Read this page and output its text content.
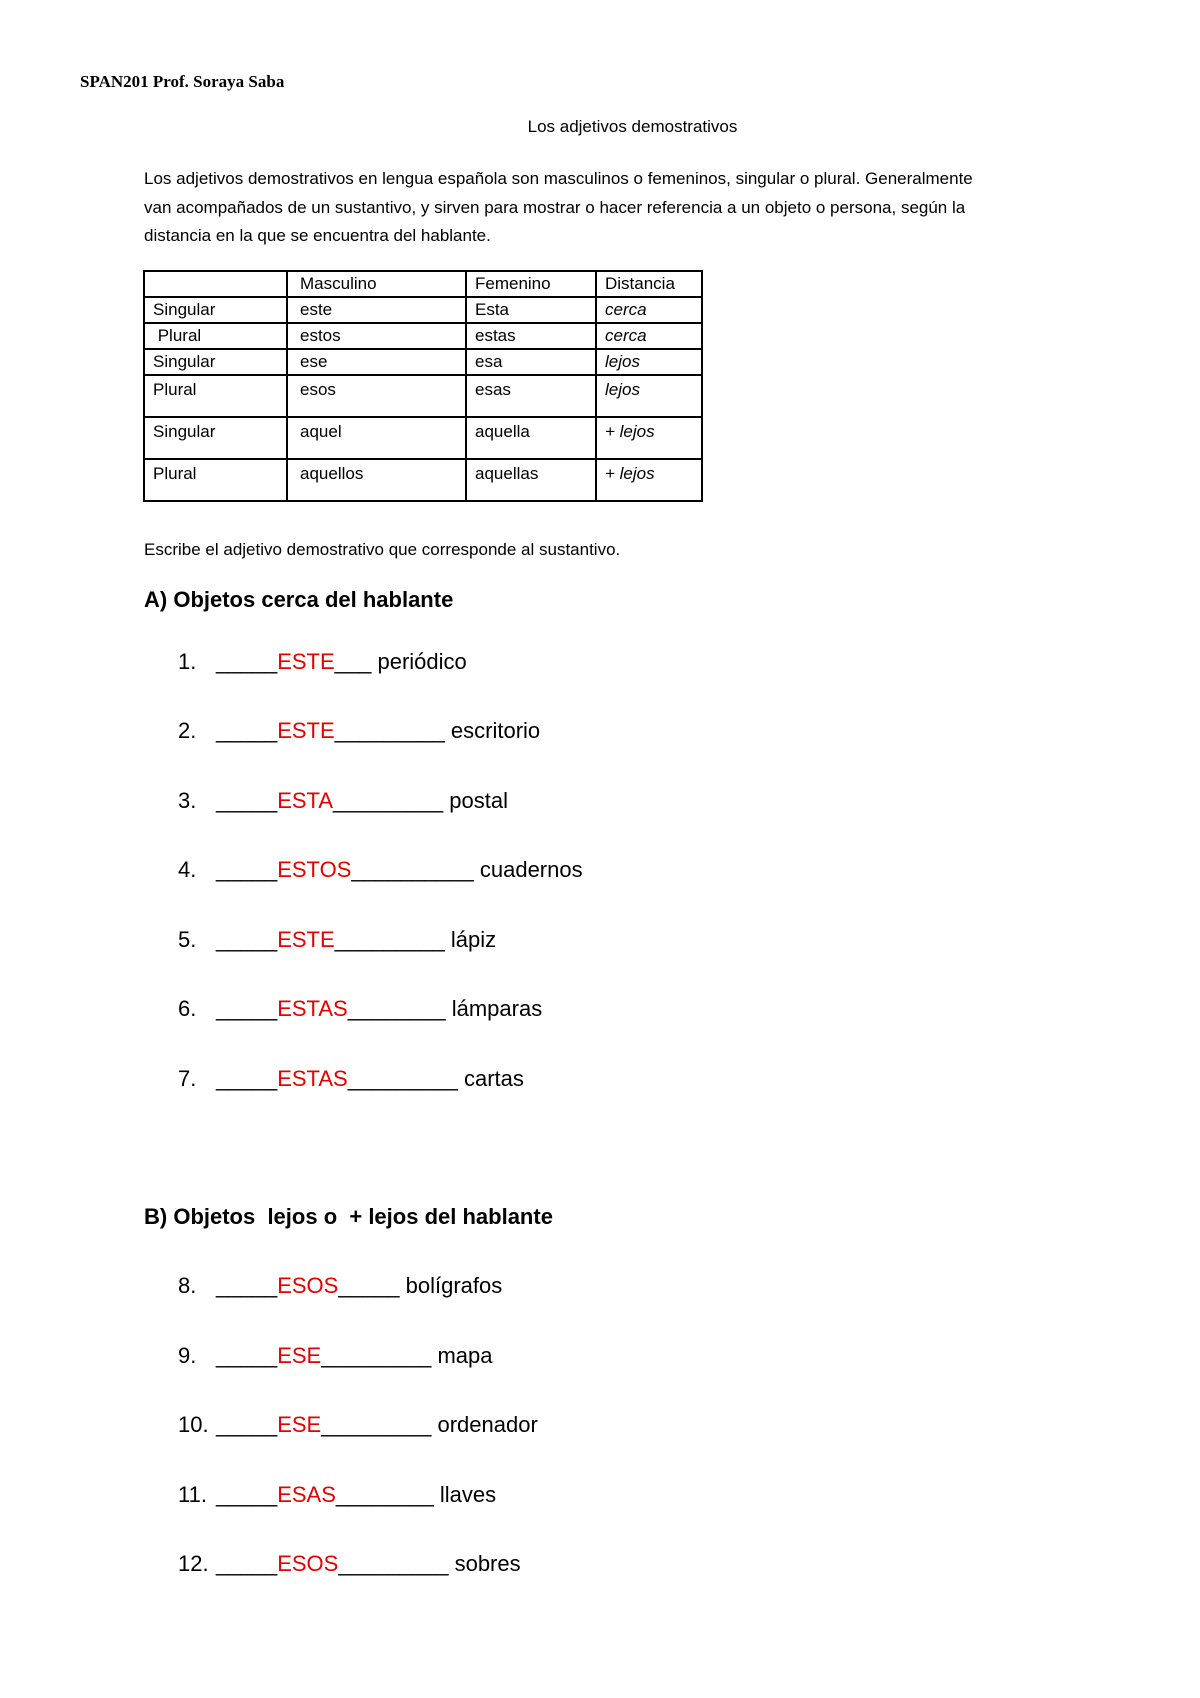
SPAN201 Prof. Soraya Saba
Los adjetivos demostrativos
Los adjetivos demostrativos en lengua española son masculinos o femeninos, singular o plural. Generalmente
van acompañados de un sustantivo, y sirven para mostrar o hacer referencia a un objeto o persona, según la
distancia en la que se encuentra del hablante.
	Masculino	Femenino	Distancia
Singular	este	Esta	cerca
Plural	estos	estas	cerca
Singular	ese	esa	lejos
Plural	esos	esas	lejos
Singular	aquel	aquella	+ lejos
Plural	aquellos	aquellas	+ lejos
Escribe el adjetivo demostrativo que corresponde al sustantivo.
A) Objetos cerca del hablante
1. _____ESTE___ periódico
2. _____ESTE_________ escritorio
3. _____ESTA_________ postal
4. _____ESTOS__________ cuadernos
5. _____ESTE_________ lápiz
6. _____ESTAS________ lámparas
7. _____ESTAS_________ cartas
B) Objetos  lejos o  + lejos del hablante
8. _____ESOS_____ bolígrafos
9. _____ESE_________ mapa
10. _____ESE_________ ordenador
11. _____ESAS________ llaves
12. _____ESOS_________ sobres
